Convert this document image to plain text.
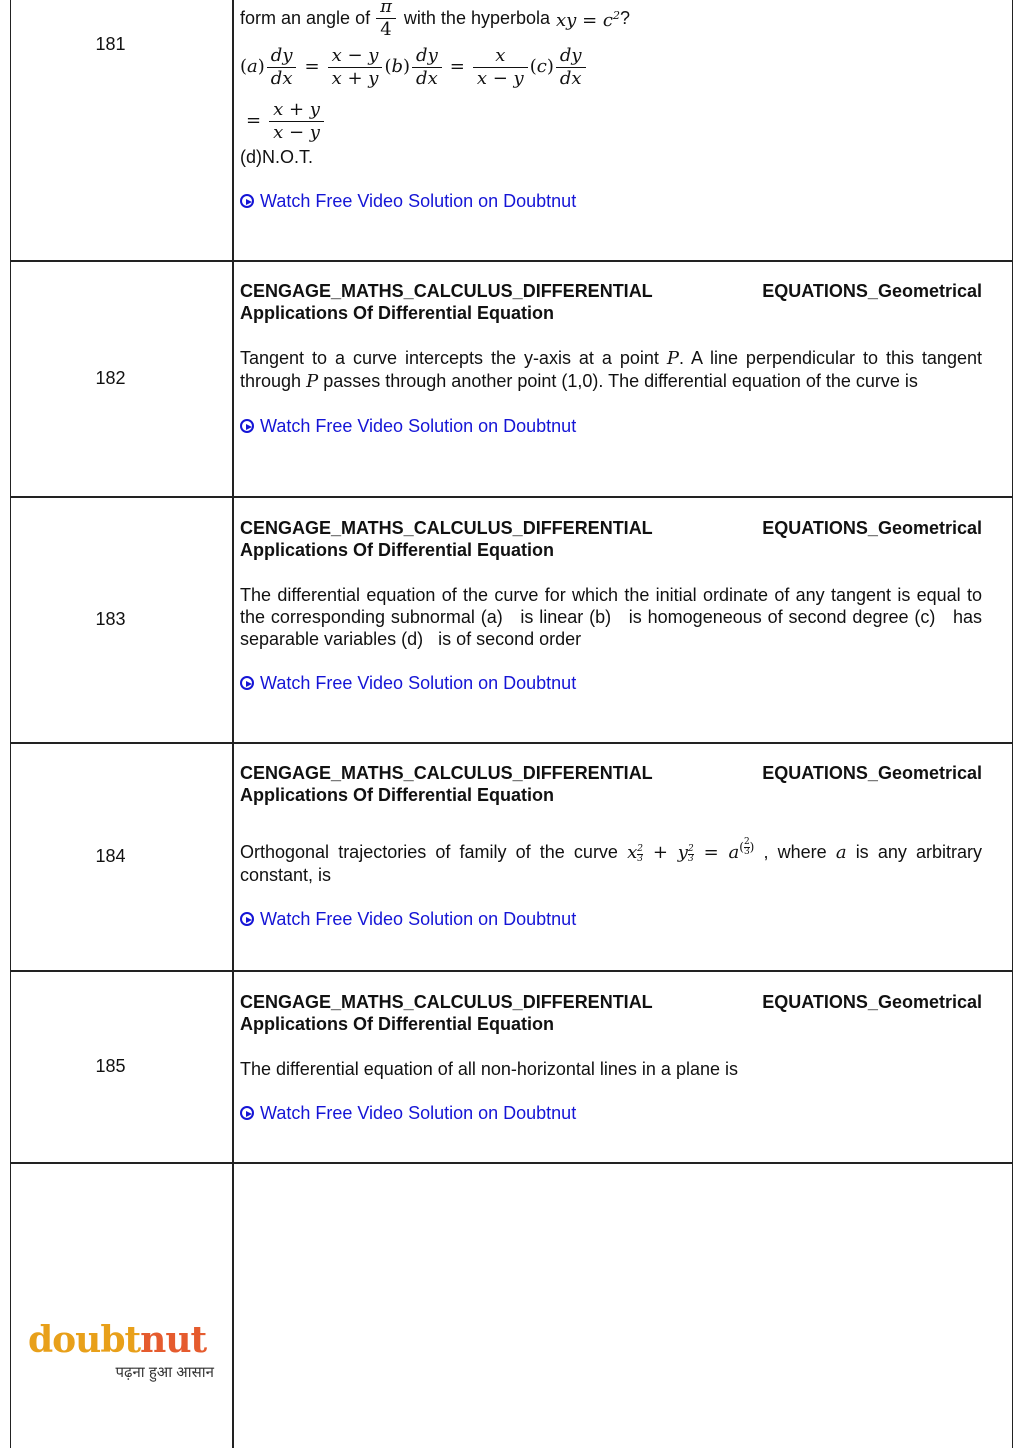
181
form an angle of $\frac{\pi}{4}$ with the hyperbola xy = $c^2$ ?
$(a) \frac{dy}{dx} = \frac{x - y}{x + y} (b) \frac{dy}{dx} = \frac{x}{x - y} (c) \frac{dy}{dx}$
= $\frac{x + y}{x - y}$
(d)N.O.T.
Watch Free Video Solution on Doubtnut
182
CENGAGE_MATHS_CALCULUS_DIFFERENTIAL	EQUATIONS_Geometrical
Applications Of Differential Equation
Tangent to a curve intercepts the y-axis at a point P. A line perpendicular to this tangent through P passes through another point (1,0). The differential equation of the curve is
Watch Free Video Solution on Doubtnut
183
CENGAGE_MATHS_CALCULUS_DIFFERENTIAL	EQUATIONS_Geometrical
Applications Of Differential Equation
The differential equation of the curve for which the initial ordinate of any tangent is equal to the corresponding subnormal (a)   is linear (b)   is homogeneous of second degree (c)   has separable variables (d)   is of second order
Watch Free Video Solution on Doubtnut
184
CENGAGE_MATHS_CALCULUS_DIFFERENTIAL	EQUATIONS_Geometrical
Applications Of Differential Equation
Orthogonal trajectories of family of the curve x $\frac{2}{3} + y \frac{2}{3} = a^{( \frac{2}{3} )}$ , where a is any arbitrary constant, is
Watch Free Video Solution on Doubtnut
185
CENGAGE_MATHS_CALCULUS_DIFFERENTIAL	EQUATIONS_Geometrical
Applications Of Differential Equation
The differential equation of all non-horizontal lines in a plane is
Watch Free Video Solution on Doubtnut
doubtnut
पढ़ना हुआ आसान
